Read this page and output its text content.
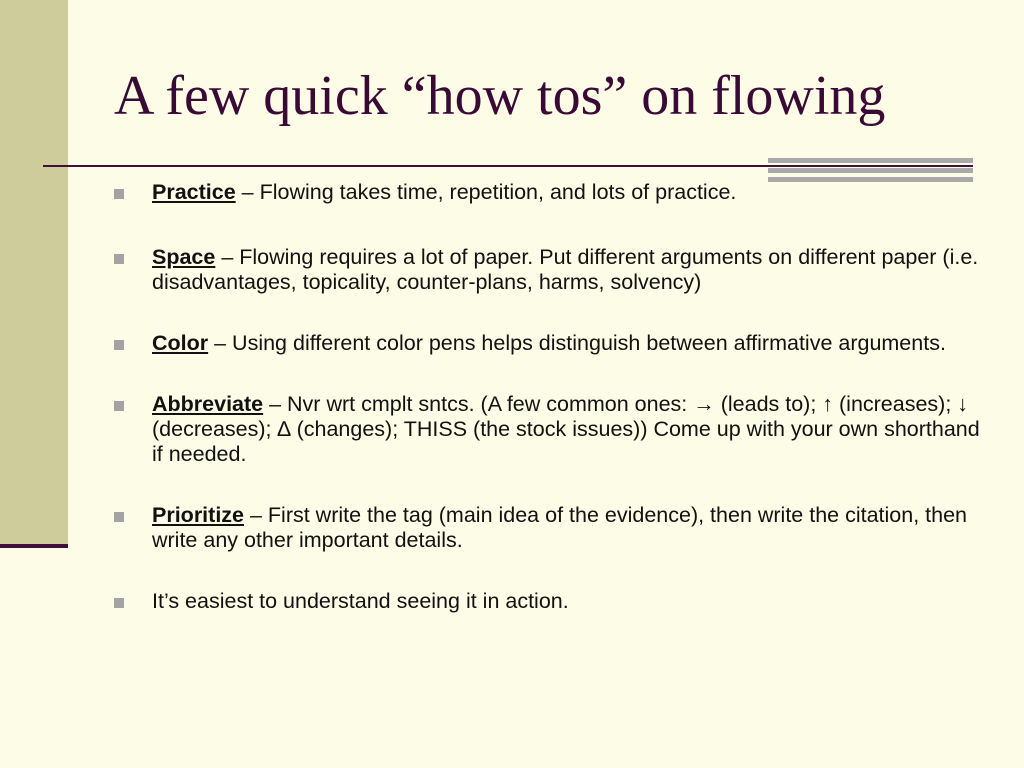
A few quick “how tos” on flowing
Practice – Flowing takes time, repetition, and lots of practice.
Space – Flowing requires a lot of paper. Put different arguments on different paper (i.e. disadvantages, topicality, counter-plans, harms, solvency)
Color – Using different color pens helps distinguish between affirmative arguments.
Abbreviate – Nvr wrt cmplt sntcs. (A few common ones: → (leads to); ↑ (increases); ↓ (decreases); ∆ (changes); THISS (the stock issues)) Come up with your own shorthand if needed.
Prioritize – First write the tag (main idea of the evidence), then write the citation, then write any other important details.
It’s easiest to understand seeing it in action.
